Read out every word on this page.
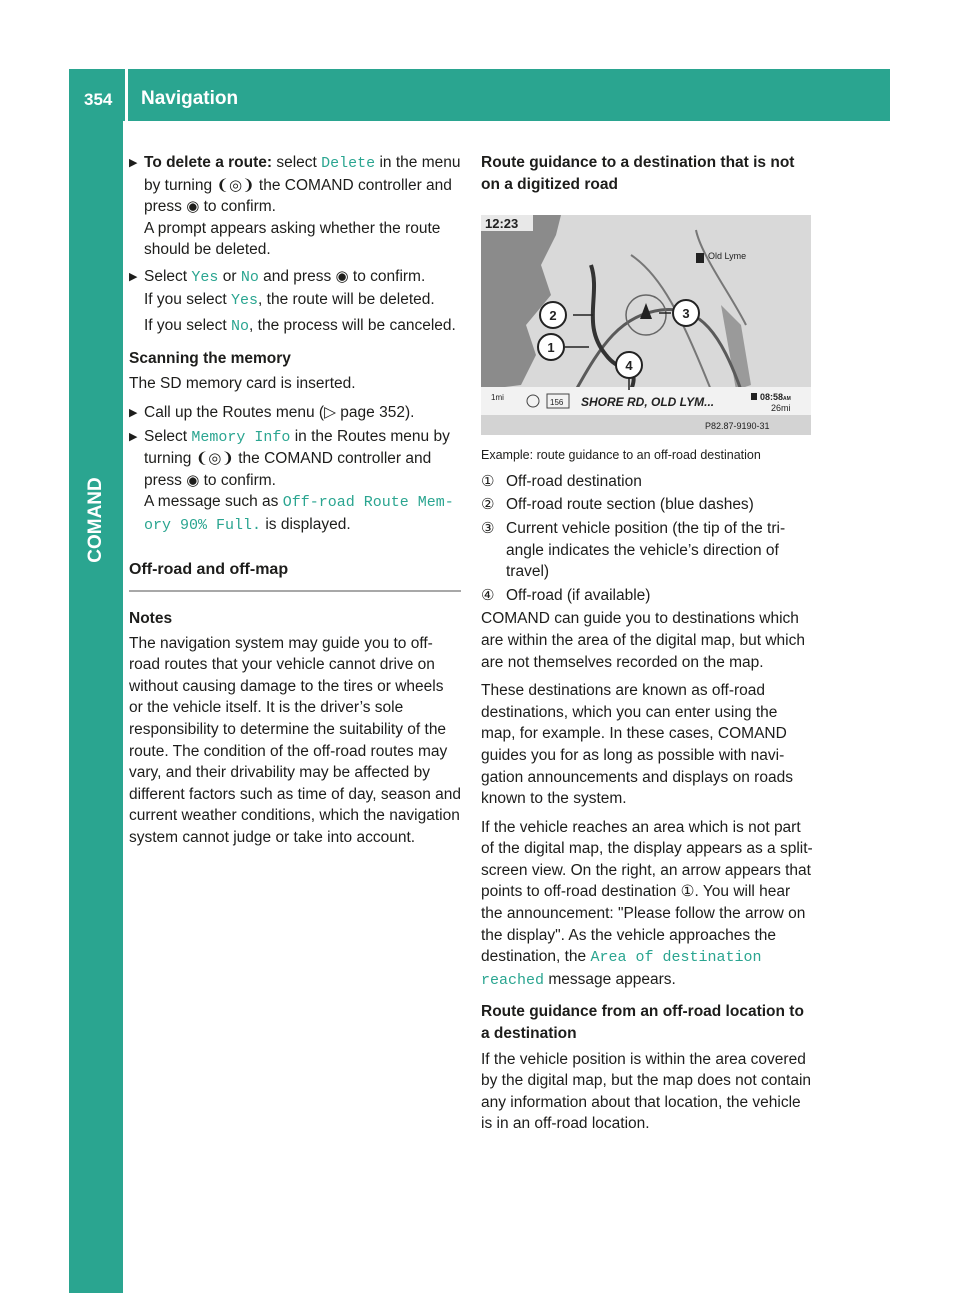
354 Navigation
COMAND
▶ To delete a route: select Delete in the menu by turning ❨◎❩ the COMAND controller and press ◉ to confirm.
A prompt appears asking whether the route should be deleted.
▶ Select Yes or No and press ◉ to confirm.
If you select Yes, the route will be deleted.
If you select No, the process will be canceled.
Scanning the memory

The SD memory card is inserted.

▶ Call up the Routes menu (▷ page 352).
▶ Select Memory Info in the Routes menu by turning ❨◎❩ the COMAND controller and press ◉ to confirm.
A message such as Off-road Route Memory 90% Full. is displayed.
Off-road and off-map
Notes

The navigation system may guide you to off-road routes that your vehicle cannot drive on without causing damage to the tires or wheels or the vehicle itself. It is the driver’s sole responsibility to determine the suitability of the route. The condition of the off-road routes may vary, and their drivability may be affected by different factors such as time of day, season and current weather conditions, which the navigation system cannot judge or take into account.

Route guidance to a destination that is not on a digitized road
12:23
Old Lyme
1mi
156 SHORE RD, OLD LYM...	08:58AM
26mi
P82.87-9190-31
2	3
1
4
Example: route guidance to an off-road destination
① Off-road destination
② Off-road route section (blue dashes)
③ Current vehicle position (the tip of the triangle indicates the vehicle’s direction of travel)
④ Off-road (if available)

COMAND can guide you to destinations which are within the area of the digital map, but which are not themselves recorded on the map.

These destinations are known as off-road destinations, which you can enter using the map, for example. In these cases, COMAND guides you for as long as possible with navigation announcements and displays on roads known to the system.

If the vehicle reaches an area which is not part of the digital map, the display appears as a split-screen view. On the right, an arrow appears that points to off-road destination ①. You will hear the announcement: "Please follow the arrow on the display". As the vehicle approaches the destination, the Area of destination reached message appears.

Route guidance from an off-road location to a destination

If the vehicle position is within the area covered by the digital map, but the map does not contain any information about that location, the vehicle is in an off-road location.
